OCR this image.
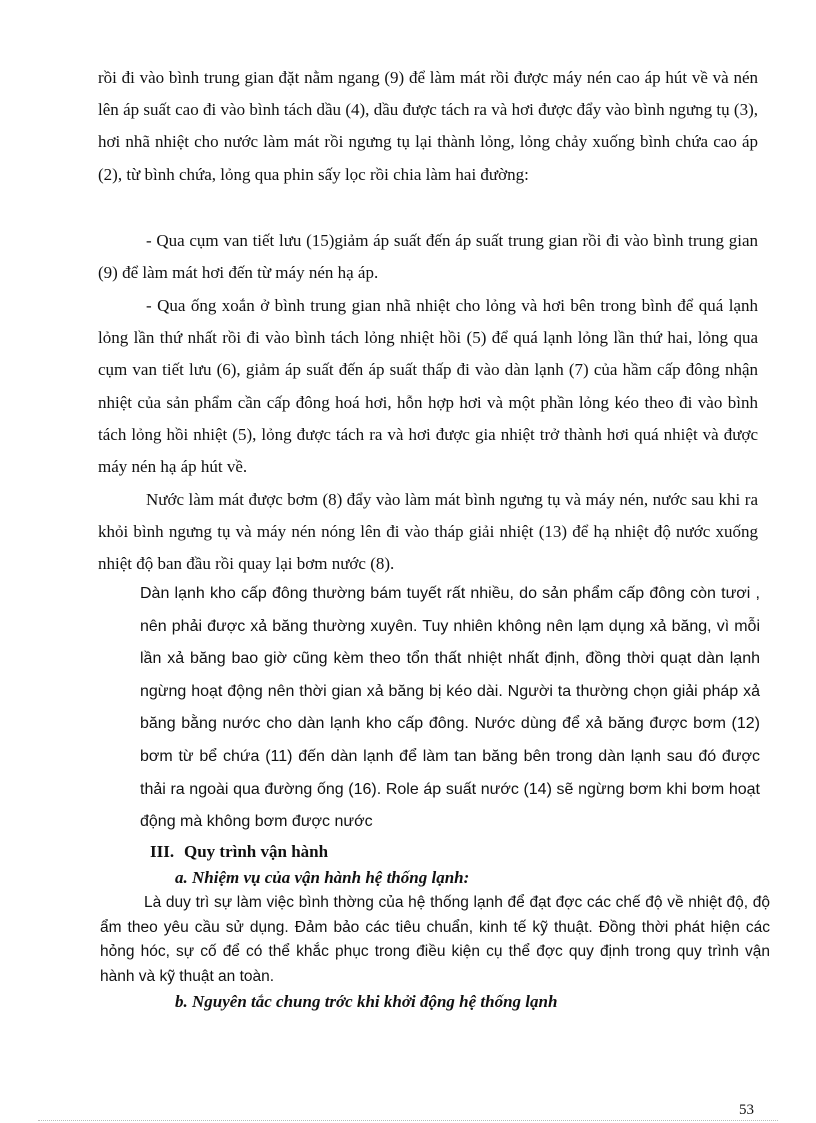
rồi đi vào bình trung gian đặt nằm ngang (9) để làm mát rồi được máy nén cao áp hút về và nén lên áp suất cao đi vào bình tách dầu (4), dầu được tách ra và hơi được đẩy vào bình ngưng tụ (3), hơi nhã nhiệt cho nước làm mát rồi ngưng tụ lại thành lỏng, lỏng chảy xuống bình chứa cao áp (2), từ bình chứa, lỏng qua phin sấy lọc rồi chia làm hai đường:

- Qua cụm van tiết lưu (15)giảm áp suất đến áp suất trung gian rồi đi vào bình trung gian (9) để làm mát hơi đến từ máy nén hạ áp.

- Qua ống xoắn ở bình trung gian nhã nhiệt cho lỏng và hơi bên trong bình để quá lạnh lỏng lần thứ nhất rồi đi vào bình tách lỏng nhiệt hồi (5) để quá lạnh lỏng lần thứ hai, lỏng qua cụm van tiết lưu (6), giảm áp suất đến áp suất thấp đi vào dàn lạnh (7) của hầm cấp đông nhận nhiệt của sản phẩm cần cấp đông hoá hơi, hỗn hợp hơi và một phần lỏng kéo theo đi vào bình tách lỏng hồi nhiệt (5), lỏng được tách ra và hơi được gia nhiệt trở thành hơi quá nhiệt và được máy nén hạ áp hút về.

Nước làm mát được bơm (8) đẩy vào làm mát bình ngưng tụ và máy nén, nước sau khi ra khỏi bình ngưng tụ và máy nén nóng lên đi vào tháp giải nhiệt (13) để hạ nhiệt độ nước xuống nhiệt độ ban đầu rồi quay lại bơm nước (8).

Dàn lạnh kho cấp đông thường bám tuyết rất nhiều, do sản phẩm cấp đông còn tươi , nên phải được xả băng thường xuyên. Tuy nhiên không nên lạm dụng xả băng, vì mỗi lần xả băng bao giờ cũng kèm theo tổn thất nhiệt nhất định, đồng thời quạt dàn lạnh ngừng hoạt động nên thời gian xả băng bị kéo dài. Người ta thường chọn giải pháp xả băng bằng nước cho dàn lạnh kho cấp đông. Nước dùng để xả băng được bơm (12) bơm từ bể chứa (11) đến dàn lạnh để làm tan băng bên trong dàn lạnh sau đó được thải ra ngoài qua đường ống (16). Role áp suất nước (14) sẽ ngừng bơm khi bơm hoạt động mà không bơm được nước

III. Quy trình vận hành
a. Nhiệm vụ của vận hành hệ thống lạnh:

Là duy trì sự làm việc bình thờng của hệ thống lạnh để đạt đợc các chế độ về nhiệt độ, độ ẩm theo yêu cầu sử dụng. Đảm bảo các tiêu chuẩn, kinh tế kỹ thuật. Đồng thời phát hiện các hỏng hóc, sự cố để có thể khắc phục trong điều kiện cụ thể đợc quy định trong quy trình vận hành và kỹ thuật an toàn.

b. Nguyên tắc chung trớc khi khởi động hệ thống lạnh
53
